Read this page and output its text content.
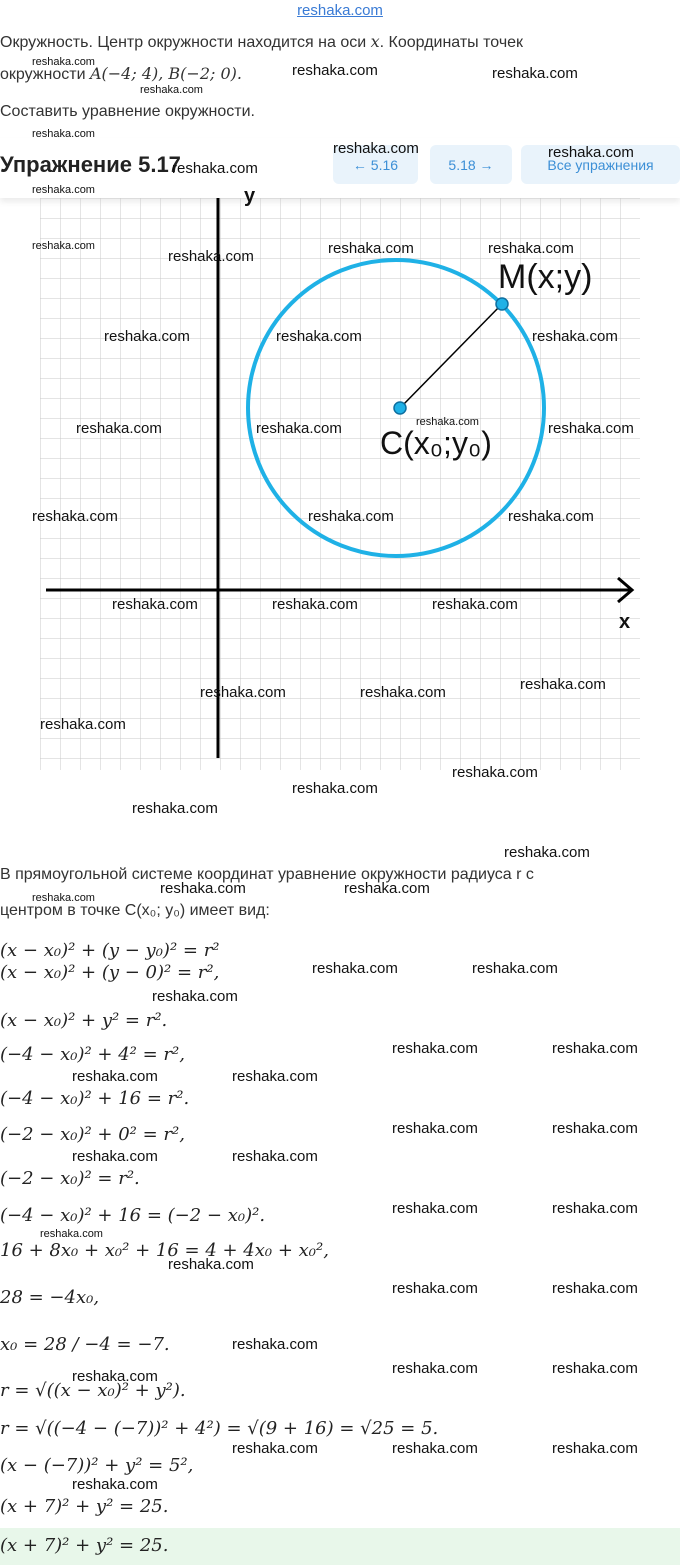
reshaka.com
Окружность. Центр окружности находится на оси x. Координаты точек
окружности A(−4; 4), B(−2; 0).
Составить уравнение окружности.
Упражнение 5.17	← 5.16	5.18 →	Все упражнения
M(x;y)
C(x₀;y₀)
x
y
В прямоугольной системе координат уравнение окружности радиуса r с
центром в точке C(x₀; y₀) имеет вид:
(x − x₀)² + (y − y₀)² = r²
(x − x₀)² + (y − 0)² = r²,
(x − x₀)² + y² = r².
(−4 − x₀)² + 4² = r²,
(−4 − x₀)² + 16 = r².
(−2 − x₀)² + 0² = r²,
(−2 − x₀)² = r².
(−4 − x₀)² + 16 = (−2 − x₀)².
16 + 8x₀ + x₀² + 16 = 4 + 4x₀ + x₀²,
28 = −4x₀,
x₀ = 28 / −4 = −7.
r = √((x − x₀)² + y²).
r = √((−4 − (−7))² + 4²) = √(9 + 16) = √25 = 5.
(x − (−7))² + y² = 5²,
(x + 7)² + y² = 25.
(x + 7)² + y² = 25.
reshaka.com
reshaka.com
reshaka.com	reshaka.com
reshaka.com
reshaka.com	reshaka.com
reshaka.com
reshaka.com
reshaka.com	reshaka.com	reshaka.com
reshaka.com
reshaka.com	reshaka.com	reshaka.com
reshaka.com	reshaka.com	reshaka.com	reshaka.com
reshaka.com	reshaka.com	reshaka.com
reshaka.com	reshaka.com	reshaka.com
reshaka.com
reshaka.com	reshaka.com
reshaka.com
reshaka.com
reshaka.com
reshaka.com
reshaka.com
reshaka.com	reshaka.com
reshaka.com
reshaka.com	reshaka.com
reshaka.com
reshaka.com	reshaka.com
reshaka.com	reshaka.com
reshaka.com	reshaka.com
reshaka.com	reshaka.com
reshaka.com	reshaka.com
reshaka.com
reshaka.com
reshaka.com	reshaka.com
reshaka.com
reshaka.com	reshaka.com
reshaka.com
reshaka.com	reshaka.com	reshaka.com
reshaka.com
